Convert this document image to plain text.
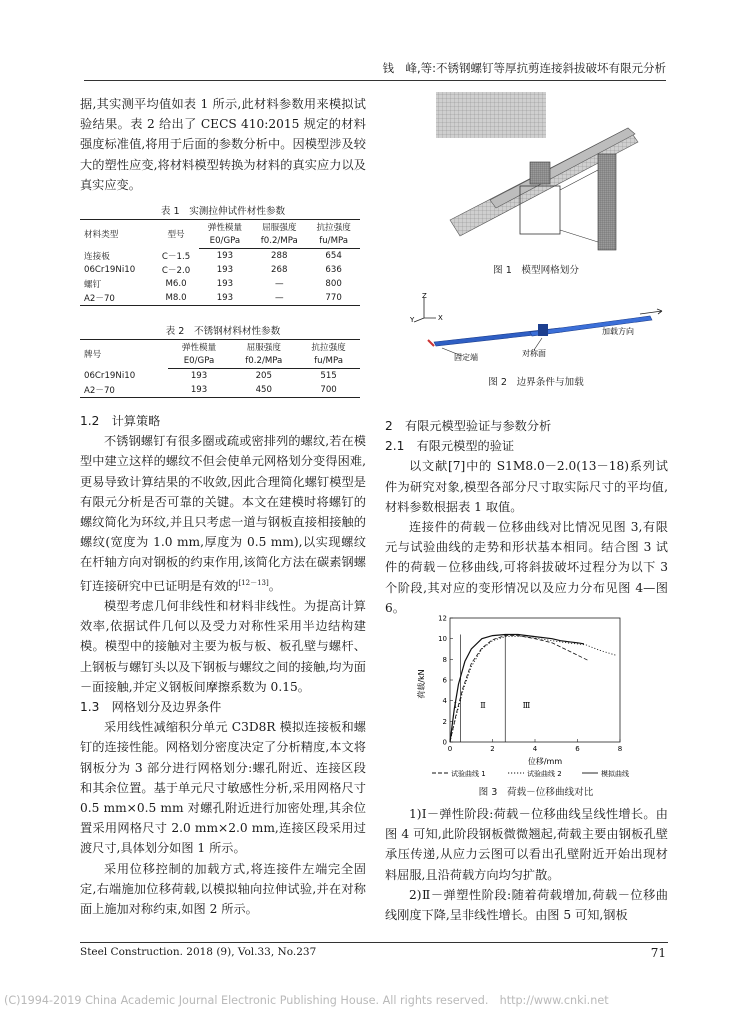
钱　峰,等:不锈钢螺钉等厚抗剪连接斜拔破坏有限元分析

据,其实测平均值如表 1 所示,此材料参数用来模拟试验结果。表 2 给出了 CECS 410:2015 规定的材料强度标准值,将用于后面的参数分析中。因模型涉及较大的塑性应变,将材料模型转换为材料的真实应力以及真实应变。

表 1　实测拉伸试件材性参数
材料类型	型号	弹性模量	屈服强度	抗拉强度
		E0/GPa	f0.2/MPa	fu/MPa
连接板	C－1.5	193	288	654
06Cr19Ni10	C－2.0	193	268	636
螺钉	M6.0	193	—	800
A2－70	M8.0	193	—	770
表 2　不锈钢材料材性参数
牌号	弹性模量	屈服强度	抗拉强度
	E0/GPa	f0.2/MPa	fu/MPa
06Cr19Ni10	193	205	515
A2－70	193	450	700

1.2　计算策略

不锈钢螺钉有很多圈或疏或密排列的螺纹,若在模型中建立这样的螺纹不但会使单元网格划分变得困难,更易导致计算结果的不收敛,因此合理简化螺钉模型是有限元分析是否可靠的关键。本文在建模时将螺钉的螺纹简化为环纹,并且只考虑一道与钢板直接相接触的螺纹(宽度为 1.0 mm,厚度为 0.5 mm),以实现螺纹在杆轴方向对钢板的约束作用,该简化方法在碳素钢螺钉连接研究中已证明是有效的[12－13]。

模型考虑几何非线性和材料非线性。为提高计算效率,依据试件几何以及受力对称性采用半边结构建模。模型中的接触对主要为板与板、板孔壁与螺杆、上钢板与螺钉头以及下钢板与螺纹之间的接触,均为面－面接触,并定义钢板间摩擦系数为 0.15。

1.3　网格划分及边界条件

采用线性减缩积分单元 C3D8R 模拟连接板和螺钉的连接性能。网格划分密度决定了分析精度,本文将钢板分为 3 部分进行网格划分:螺孔附近、连接区段和其余位置。基于单元尺寸敏感性分析,采用网格尺寸 0.5 mm×0.5 mm 对螺孔附近进行加密处理,其余位置采用网格尺寸 2.0 mm×2.0 mm,连接区段采用过渡尺寸,具体划分如图 1 所示。

采用位移控制的加载方式,将连接件左端完全固定,右端施加位移荷载,以模拟轴向拉伸试验,并在对称面上施加对称约束,如图 2 所示。

图 1　模型网格划分
Z
Y	X
固定端	对称面
加载方向
图 2　边界条件与加载

2　有限元模型验证与参数分析

2.1　有限元模型的验证

以文献[7]中的 S1M8.0－2.0(13－18)系列试件为研究对象,模型各部分尺寸取实际尺寸的平均值,材料参数根据表 1 取值。

连接件的荷载－位移曲线对比情况见图 3,有限元与试验曲线的走势和形状基本相同。结合图 3 试件的荷载－位移曲线,可将斜拔破坏过程分为以下 3 个阶段,其对应的变形情况以及应力分布见图 4—图 6。

0	2	4	6	8
0
2
4
6
8
10
12
Ⅰ	Ⅱ	Ⅲ
位移/mm
荷载/kN
试验曲线 1	试验曲线 2	模拟曲线
图 3　荷载－位移曲线对比

1)Ⅰ－弹性阶段:荷载－位移曲线呈线性增长。由图 4 可知,此阶段钢板微微翘起,荷载主要由钢板孔壁承压传递,从应力云图可以看出孔壁附近开始出现材料屈服,且沿荷载方向均匀扩散。

2)Ⅱ－弹塑性阶段:随着荷载增加,荷载－位移曲线刚度下降,呈非线性增长。由图 5 可知,钢板

Steel Construction. 2018 (9), Vol.33, No.237	71
(C)1994-2019 China Academic Journal Electronic Publishing House. All rights reserved.　http://www.cnki.net
